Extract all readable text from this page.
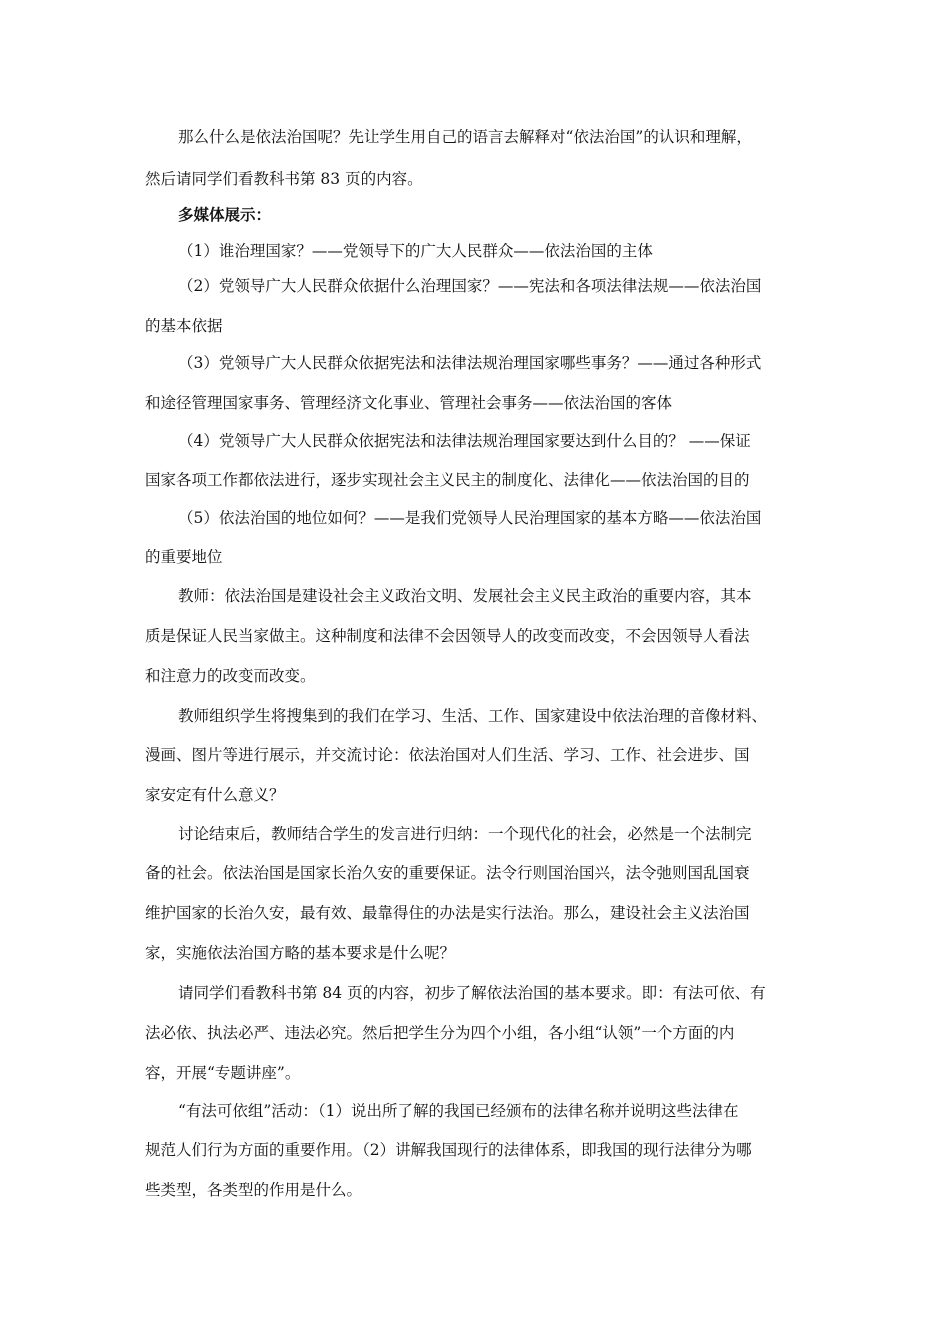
那么什么是依法治国呢？先让学生用自己的语言去解释对“依法治国”的认识和理解，
然后请同学们看教科书第 83 页的内容。
多媒体展示：
（1）谁治理国家？——党领导下的广大人民群众——依法治国的主体
（2）党领导广大人民群众依据什么治理国家？——宪法和各项法律法规——依法治国
的基本依据
（3）党领导广大人民群众依据宪法和法律法规治理国家哪些事务？——通过各种形式
和途径管理国家事务、管理经济文化事业、管理社会事务——依法治国的客体
（4）党领导广大人民群众依据宪法和法律法规治理国家要达到什么目的？ ——保证
国家各项工作都依法进行，逐步实现社会主义民主的制度化、法律化——依法治国的目的
（5）依法治国的地位如何？——是我们党领导人民治理国家的基本方略——依法治国
的重要地位
教师：依法治国是建设社会主义政治文明、发展社会主义民主政治的重要内容，其本
质是保证人民当家做主。这种制度和法律不会因领导人的改变而改变，不会因领导人看法
和注意力的改变而改变。
教师组织学生将搜集到的我们在学习、生活、工作、国家建设中依法治理的音像材料、
漫画、图片等进行展示，并交流讨论：依法治国对人们生活、学习、工作、社会进步、国
家安定有什么意义？
讨论结束后，教师结合学生的发言进行归纳：一个现代化的社会，必然是一个法制完
备的社会。依法治国是国家长治久安的重要保证。法令行则国治国兴，法令弛则国乱国衰
维护国家的长治久安，最有效、最靠得住的办法是实行法治。那么，建设社会主义法治国
家，实施依法治国方略的基本要求是什么呢？
请同学们看教科书第 84 页的内容，初步了解依法治国的基本要求。即：有法可依、有
法必依、执法必严、违法必究。然后把学生分为四个小组，各小组“认领”一个方面的内
容，开展“专题讲座”。
“有法可依组”活动：（1）说出所了解的我国已经颁布的法律名称并说明这些法律在
规范人们行为方面的重要作用。（2）讲解我国现行的法律体系，即我国的现行法律分为哪
些类型，各类型的作用是什么。
